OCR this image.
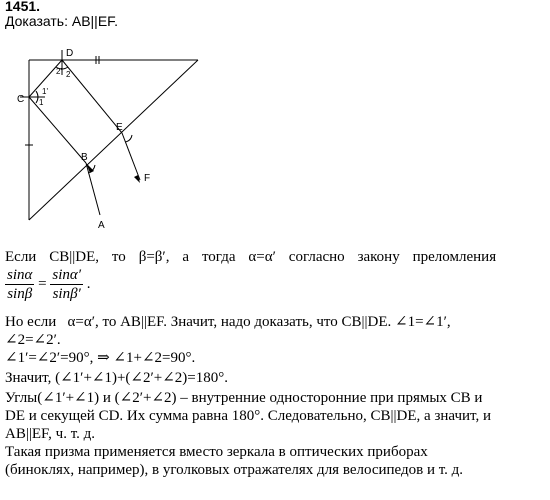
1451.
Доказать: AB||EF.
D
C
B
E
F
A
2' 2
1'
1
Если CB||DE, то β=β′, а тогда α=α′ согласно закону преломления
$\frac{\sin\alpha}{\sin\beta} = \frac{\sin\alpha'}{\sin\beta'}$ .
Но если   α=α′, то AB||EF. Значит, надо доказать, что CB||DE. ∠1=∠1′,
∠2=∠2′.
∠1′=∠2′=90°, ⇒ ∠1+∠2=90°.
Значит, (∠1′+∠1)+(∠2′+∠2)=180°.
Углы(∠1′+∠1) и (∠2′+∠2) – внутренние односторонние при прямых CB и
DE и секущей CD. Их сумма равна 180°. Следовательно, CB||DE, а значит, и
AB||EF, ч. т. д.
Такая призма применяется вместо зеркала в оптических приборах
(биноклях, например), в уголковых отражателях для велосипедов и т. д.
